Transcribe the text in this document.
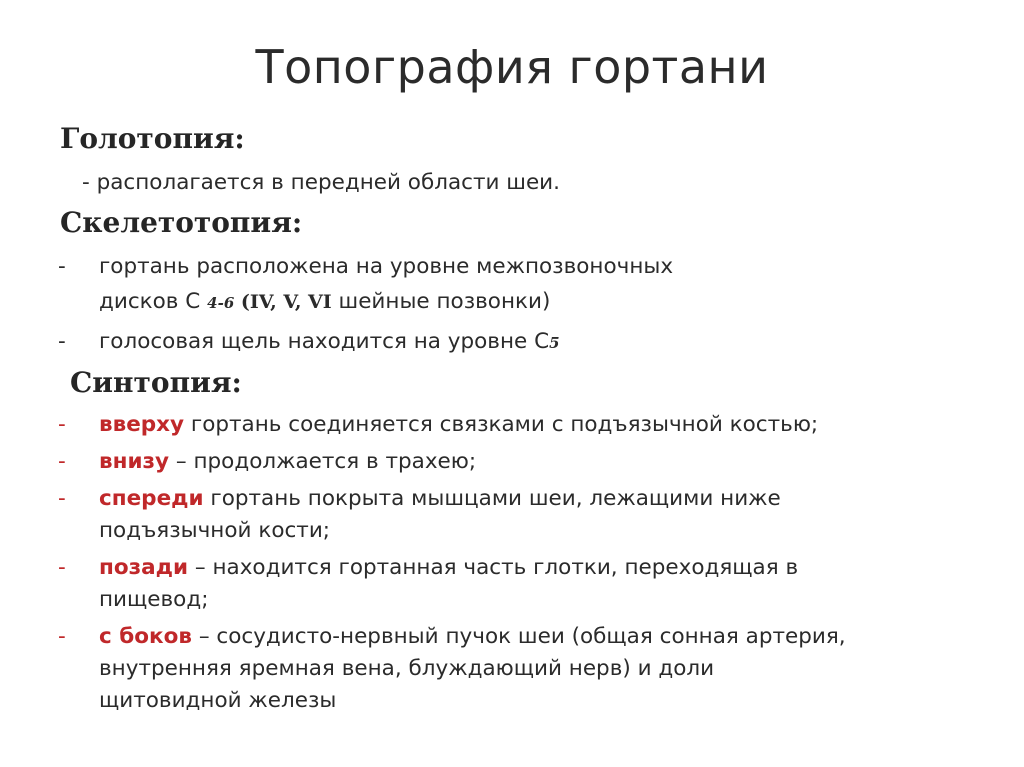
Топография гортани
Голотопия:
- располагается в передней области шеи.
Скелетотопия:
- гортань расположена на уровне межпозвоночных
дисков С 4-6 (IV, V, VI шейные позвонки)
- голосовая щель находится на уровне С5
Синтопия:
- вверху гортань соединяется связками с подъязычной костью;
- внизу – продолжается в трахею;
- спереди гортань покрыта мышцами шеи, лежащими ниже
подъязычной кости;
- позади – находится гортанная часть глотки, переходящая в
пищевод;
- с боков – сосудисто-нервный пучок шеи (общая сонная артерия,
внутренняя яремная вена, блуждающий нерв) и доли
щитовидной железы
